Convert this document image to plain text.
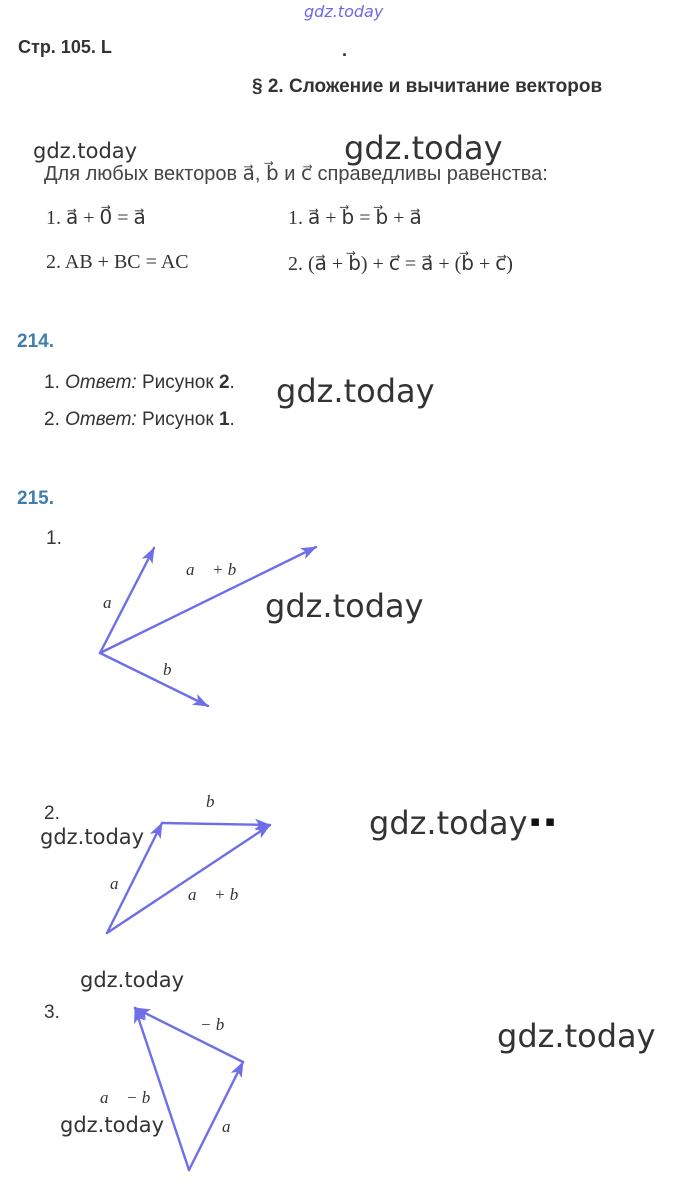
gdz.today
Стр. 105. L	.
§ 2. Сложение и вычитание векторов
gdz.today	gdz.today
Для любых векторов a⃗, b⃗ и c⃗ справедливы равенства:
1. a⃗ + 0⃗ = a⃗	1. a⃗ + b⃗ = b⃗ + a⃗
2. AB + BC = AC	2. (a⃗ + b⃗) + c⃗ = a⃗ + (b⃗ + c⃗)
214.
1. Ответ: Рисунок 2. gdz.today
2. Ответ: Рисунок 1.
215.
1.
a⃗
a⃗ + b⃗
b⃗
gdz.today
2.
gdz.today
b⃗
a⃗
a⃗ + b⃗
gdz.today ▪ ▪
gdz.today
3.
− b⃗
a⃗ − b⃗
gdz.today	a⃗
gdz.today
